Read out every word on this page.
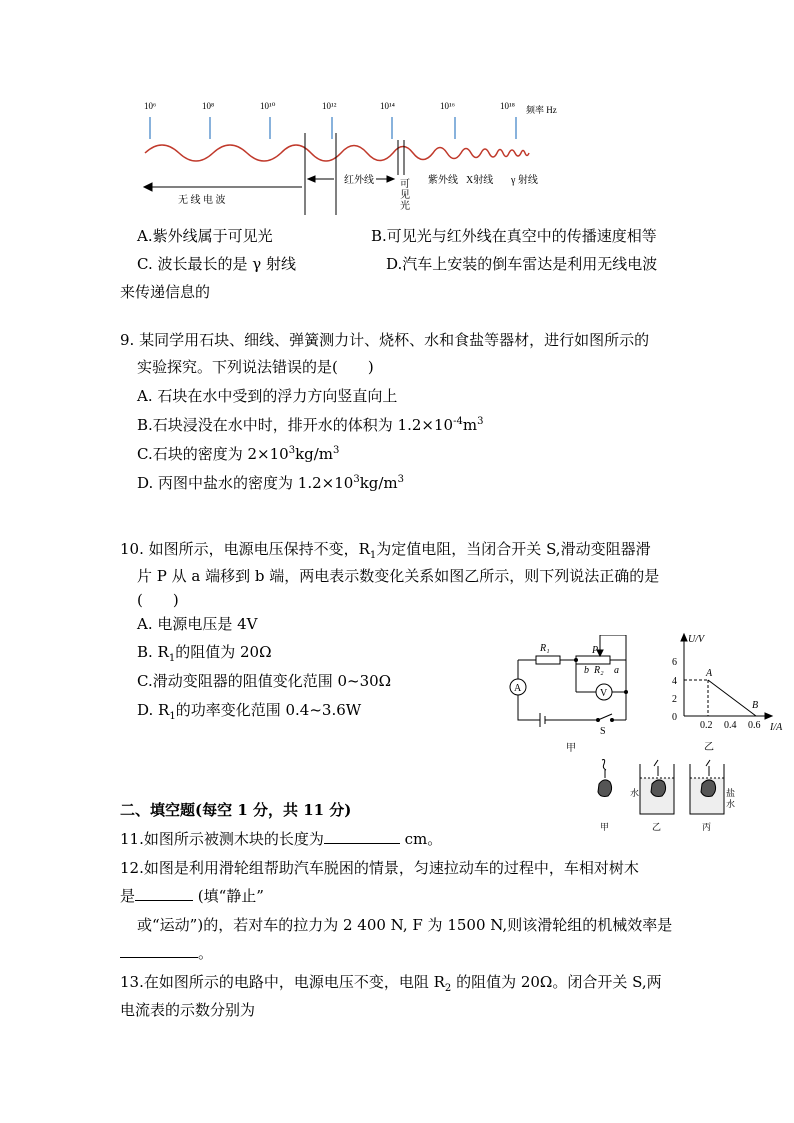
10⁶	10⁸	10¹⁰	10¹²	10¹⁴	10¹⁶	10¹⁸ 频率 Hz
无 线 电 波
红外线	可
见
光
紫外线 X射线 γ 射线
A.紫外线属于可见光	B.可见光与红外线在真空中的传播速度相等
C. 波长最长的是 γ 射线	D.汽车上安装的倒车雷达是利用无线电波
来传递信息的
9. 某同学用石块、细线、弹簧测力计、烧杯、水和食盐等器材，进行如图所示的
实验探究。下列说法错误的是(　　)
A. 石块在水中受到的浮力方向竖直向上
B.石块浸没在水中时，排开水的体积为 $1.2\times 10^{-4}m^3$
C.石块的密度为 $2\times 10^3kg/m^3$
D. 丙图中盐水的密度为 $1.2\times 10^3kg/m^3$
10. 如图所示，电源电压保持不变，$R_1$为定值电阻，当闭合开关 S,滑动变阻器滑
片 P 从 a 端移到 b 端，两电表示数变化关系如图乙所示，则下列说法正确的是
(　　)
A. 电源电压是 4V
B. $R_1$的阻值为 20Ω
C.滑动变阻器的阻值变化范围 0~30Ω
D. $R_1$的功率变化范围 0.4~3.6W
R₁	P
b R₂ a
A	V
S
甲
U/V
6
4
2
0
0.2 0.4 0.6 I/A
A
B
乙
水	盐
水
甲	乙	丙
二、填空题(每空 1 分，共 11 分)
11.如图所示被测木块的长度为	cm。
12.如图是利用滑轮组帮助汽车脱困的情景，匀速拉动车的过程中，车相对树木
是	(填“静止”
或“运动”)的，若对车的拉力为 2 400 N, F 为 1500 N,则该滑轮组的机械效率是
。
13.在如图所示的电路中，电源电压不变，电阻 $R_2$ 的阻值为 20Ω。闭合开关 S,两
电流表的示数分别为
